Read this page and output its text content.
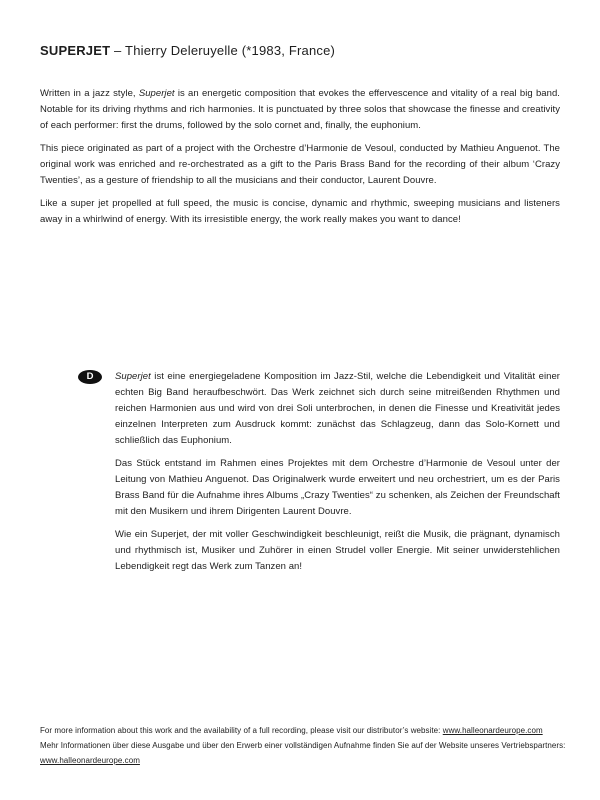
SUPERJET – Thierry Deleruyelle (*1983, France)

Written in a jazz style, Superjet is an energetic composition that evokes the effervescence and vitality of a real big band. Notable for its driving rhythms and rich harmonies. It is punctuated by three solos that showcase the finesse and creativity of each performer: first the drums, followed by the solo cornet and, finally, the euphonium.

This piece originated as part of a project with the Orchestre d’Harmonie de Vesoul, conducted by Mathieu Anguenot. The original work was enriched and re-orchestrated as a gift to the Paris Brass Band for the recording of their album ‘Crazy Twenties’, as a gesture of friendship to all the musicians and their conductor, Laurent Douvre.

Like a super jet propelled at full speed, the music is concise, dynamic and rhythmic, sweeping musicians and listeners away in a whirlwind of energy. With its irresistible energy, the work really makes you want to dance!

D Superjet ist eine energiegeladene Komposition im Jazz-Stil, welche die Lebendigkeit und Vitalität einer echten Big Band heraufbeschwört. Das Werk zeichnet sich durch seine mitreißenden Rhythmen und reichen Harmonien aus und wird von drei Soli unterbrochen, in denen die Finesse und Kreativität jedes einzelnen Interpreten zum Ausdruck kommt: zunächst das Schlagzeug, dann das Solo-Kornett und schließlich das Euphonium.

Das Stück entstand im Rahmen eines Projektes mit dem Orchestre d’Harmonie de Vesoul unter der Leitung von Mathieu Anguenot. Das Originalwerk wurde erweitert und neu orchestriert, um es der Paris Brass Band für die Aufnahme ihres Albums „Crazy Twenties“ zu schenken, als Zeichen der Freundschaft mit den Musikern und ihrem Dirigenten Laurent Douvre.

Wie ein Superjet, der mit voller Geschwindigkeit beschleunigt, reißt die Musik, die prägnant, dynamisch und rhythmisch ist, Musiker und Zuhörer in einen Strudel voller Energie. Mit seiner unwiderstehlichen Lebendigkeit regt das Werk zum Tanzen an!

For more information about this work and the availability of a full recording, please visit our distributor’s website: www.halleonardeurope.com
Mehr Informationen über diese Ausgabe und über den Erwerb einer vollständigen Aufnahme finden Sie auf der Website unseres Vertriebspartners:
www.halleonardeurope.com
